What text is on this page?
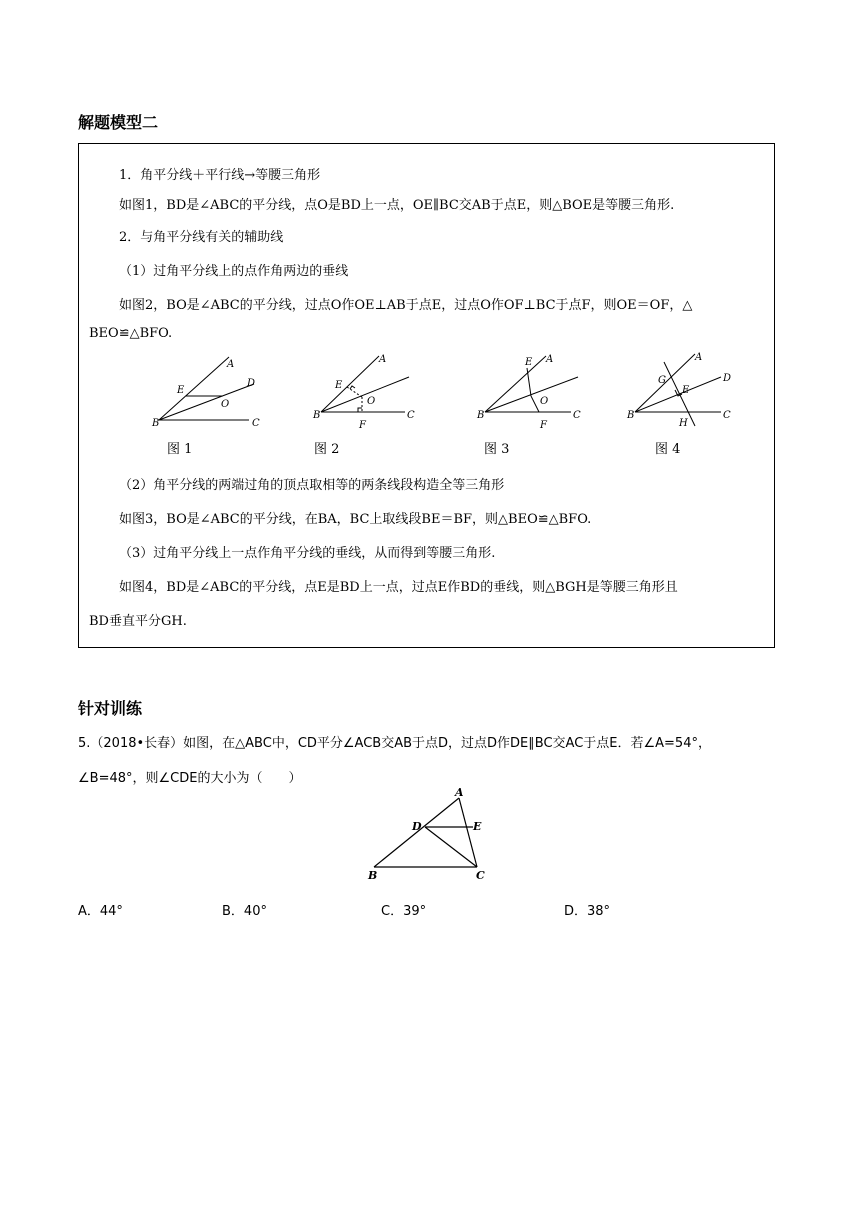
解题模型二
1．角平分线＋平行线→等腰三角形
如图1，BD是∠ABC的平分线，点O是BD上一点，OE∥BC交AB于点E，则△BOE是等腰三角形.
2．与角平分线有关的辅助线
（1）过角平分线上的点作角两边的垂线
如图2，BO是∠ABC的平分线，过点O作OE⊥AB于点E，过点O作OF⊥BC于点F，则OE＝OF，△
BEO≌△BFO.
A
E
D
O
B	C
图 1
A
E
O
B
F
C
图 2
E A
O
B
F
C
图 3
A
G
E
D
B
H
C
图 4
（2）角平分线的两端过角的顶点取相等的两条线段构造全等三角形
如图3，BO是∠ABC的平分线，在BA，BC上取线段BE＝BF，则△BEO≌△BFO.
（3）过角平分线上一点作角平分线的垂线，从而得到等腰三角形.
如图4，BD是∠ABC的平分线，点E是BD上一点，过点E作BD的垂线，则△BGH是等腰三角形且
BD垂直平分GH.
针对训练
5.（2018•长春）如图，在△ABC中，CD平分∠ACB交AB于点D，过点D作DE∥BC交AC于点E．若∠A=54°，
∠B=48°，则∠CDE的大小为（　　）
A
D	E
B	C
A．44°	B．40°	C．39°	D．38°
